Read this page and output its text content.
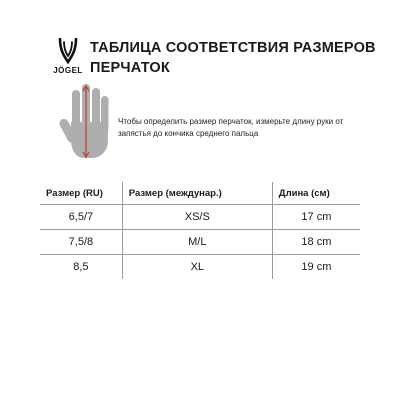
JÖGEL
ТАБЛИЦА СООТВЕТСТВИЯ РАЗМЕРОВ ПЕРЧАТОК
Чтобы определить размер перчаток, измерьте длину руки от запястья до кончика среднего пальца
Размер (RU)	Размер (междунар.)	Длина (см)
6,5/7	XS/S	17 cm
7,5/8	M/L	18 cm
8,5	XL	19 cm
